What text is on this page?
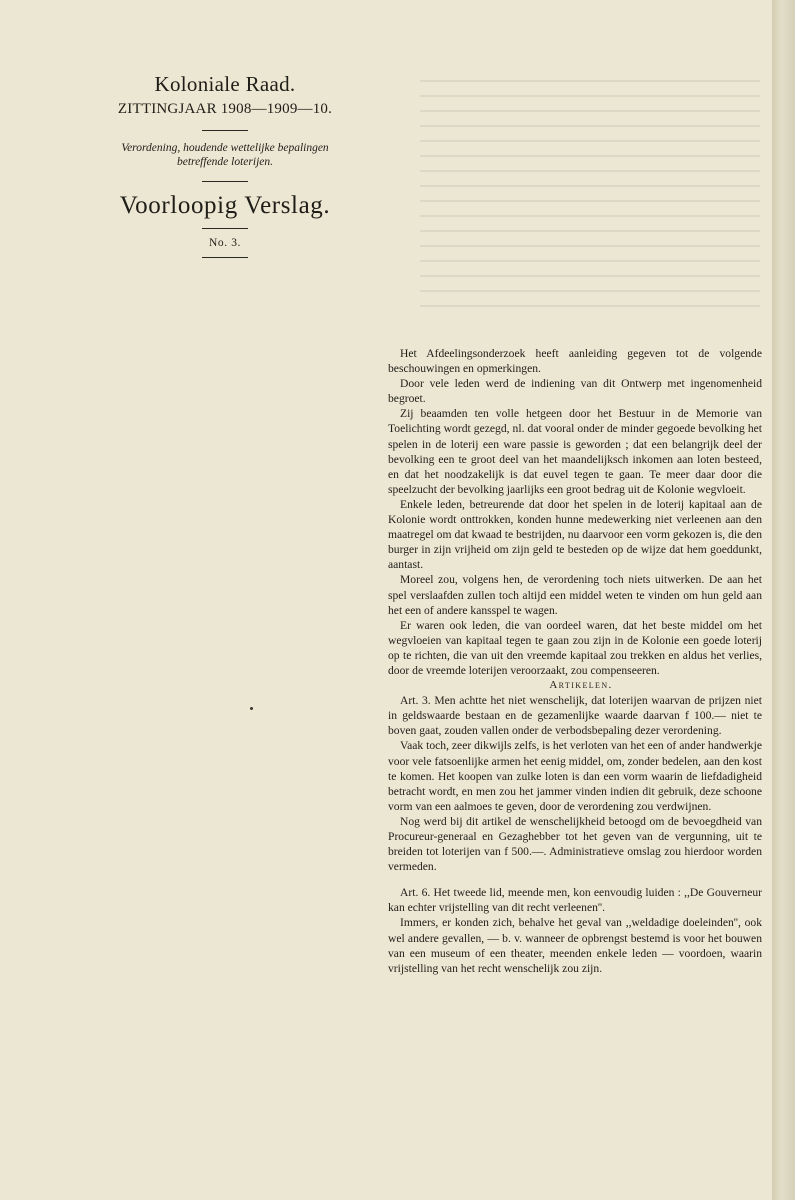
Koloniale Raad.
ZITTINGJAAR 1908—1909—10.
Verordening, houdende wettelijke bepalingen
betreffende loterijen.
Voorloopig Verslag.
No. 3.

Het Afdeelingsonderzoek heeft aanleiding gegeven tot de volgende beschouwingen en opmerkingen.

Door vele leden werd de indiening van dit Ontwerp met ingenomenheid begroet.

Zij beaamden ten volle hetgeen door het Bestuur in de Memorie van Toelichting wordt gezegd, nl. dat vooral onder de minder gegoede bevolking het spelen in de loterij een ware passie is geworden ; dat een belangrijk deel der bevolking een te groot deel van het maandelijksch inkomen aan loten besteed, en dat het noodzakelijk is dat euvel tegen te gaan. Te meer daar door die speelzucht der bevolking jaarlijks een groot bedrag uit de Kolonie wegvloeit.

Enkele leden, betreurende dat door het spelen in de loterij kapitaal aan de Kolonie wordt onttrokken, konden hunne medewerking niet verleenen aan den maatregel om dat kwaad te bestrijden, nu daarvoor een vorm gekozen is, die den burger in zijn vrijheid om zijn geld te besteden op de wijze dat hem goeddunkt, aantast.

Moreel zou, volgens hen, de verordening toch niets uitwerken. De aan het spel verslaafden zullen toch altijd een middel weten te vinden om hun geld aan het een of andere kansspel te wagen.

Er waren ook leden, die van oordeel waren, dat het beste middel om het wegvloeien van kapitaal tegen te gaan zou zijn in de Kolonie een goede loterij op te richten, die van uit den vreemde kapitaal zou trekken en aldus het verlies, door de vreemde loterijen veroorzaakt, zou compenseeren.

Artikelen.

Art. 3. Men achtte het niet wenschelijk, dat loterijen waarvan de prijzen niet in geldswaarde bestaan en de gezamenlijke waarde daarvan f 100.— niet te boven gaat, zouden vallen onder de verbodsbepaling dezer verordening.

Vaak toch, zeer dikwijls zelfs, is het verloten van het een of ander handwerkje voor vele fatsoenlijke armen het eenig middel, om, zonder bedelen, aan den kost te komen. Het koopen van zulke loten is dan een vorm waarin de liefdadigheid betracht wordt, en men zou het jammer vinden indien dit gebruik, deze schoone vorm van een aalmoes te geven, door de verordening zou verdwijnen.

Nog werd bij dit artikel de wenschelijkheid betoogd om de bevoegdheid van Procureur-generaal en Gezaghebber tot het geven van de vergunning, uit te breiden tot loterijen van f 500.—. Administratieve omslag zou hierdoor worden vermeden.

Art. 6. Het tweede lid, meende men, kon eenvoudig luiden : ,,De Gouverneur kan echter vrijstelling van dit recht verleenen''.

Immers, er konden zich, behalve het geval van ,,weldadige doeleinden'', ook wel andere gevallen, — b. v. wanneer de opbrengst bestemd is voor het bouwen van een museum of een theater, meenden enkele leden — voordoen, waarin vrijstelling van het recht wenschelijk zou zijn.
